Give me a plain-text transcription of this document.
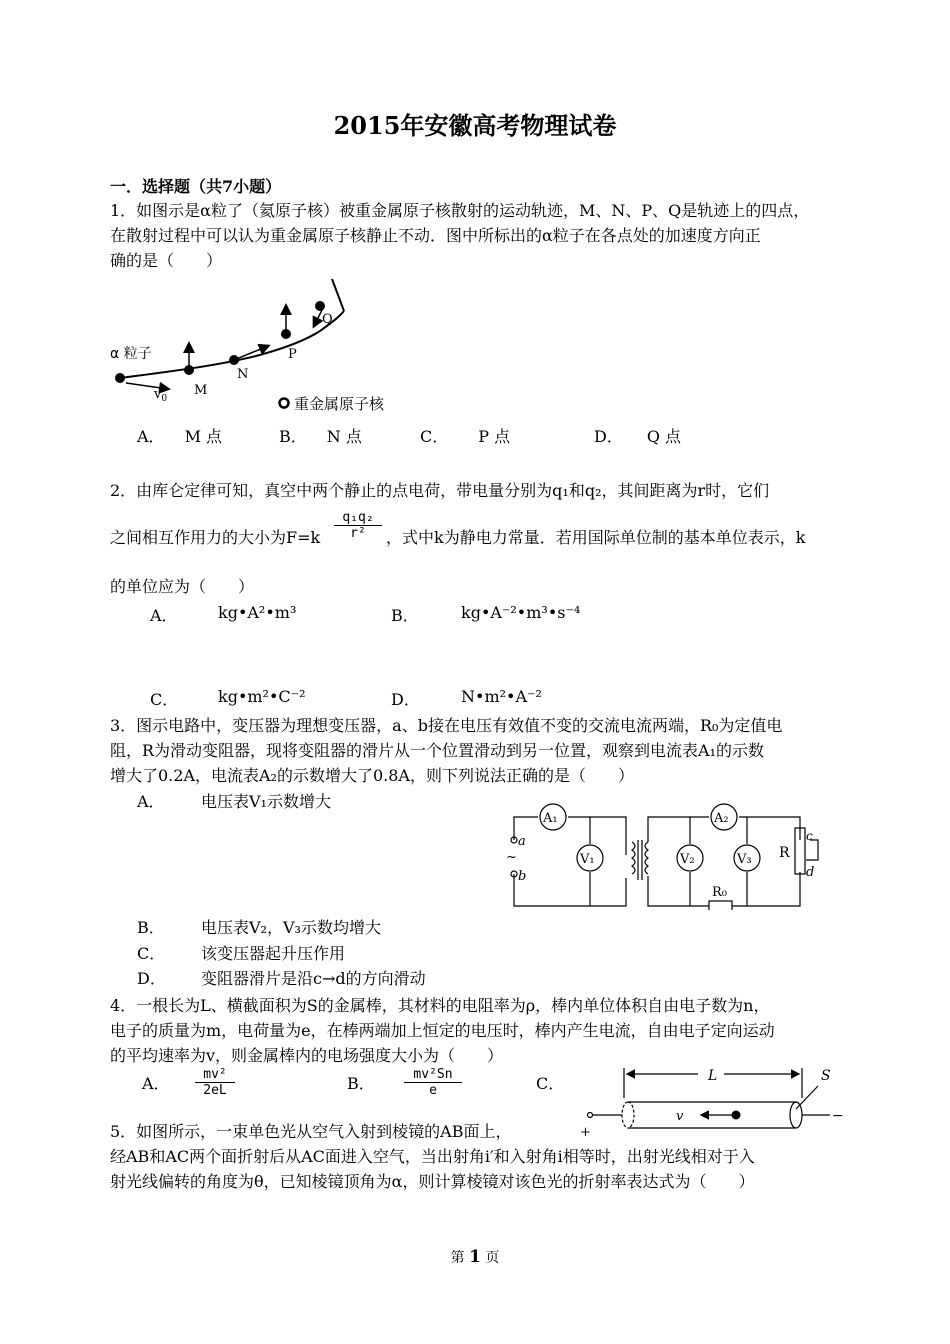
2015年安徽高考物理试卷
一．选择题（共7小题）
1．如图示是α粒了（氦原子核）被重金属原子核散射的运动轨迹，M、N、P、Q是轨迹上的四点，
在散射过程中可以认为重金属原子核静止不动．图中所标出的α粒子在各点处的加速度方向正
确的是（　　）
α 粒子
$v_0$
M
N
P
Q
重金属原子核
A． M 点	B． N 点	C． P 点	D． Q 点
2．由库仑定律可知，真空中两个静止的点电荷，带电量分别为q₁和q₂，其间距离为r时，它们
之间相互作用力的大小为$F=k \frac{\text{q₁q₂}}{\text{r²}}$ ，式中k为静电力常量．若用国际单位制的基本单位表示，k
的单位应为（　　）
A．	kg•A²•m³	B．	kg•A⁻²•m³•s⁻⁴
C． kg•m²•C⁻²	D．	N•m²•A⁻²
3．图示电路中，变压器为理想变压器，a、b接在电压有效值不变的交流电流两端，R₀为定值电
阻，R为滑动变阻器，现将变阻器的滑片从一个位置滑动到另一位置，观察到电流表A₁的示数
增大了0.2A，电流表A₂的示数增大了0.8A，则下列说法正确的是（　　）
A． 电压表V₁示数增大
A₁	A₂
V₁	V₂	V₃ R
R₀
a
b
~
c
d
B． 电压表V₂，V₃示数均增大
C． 该变压器起升压作用
D． 变阻器滑片是沿c→d的方向滑动
4．一根长为L、横截面积为S的金属棒，其材料的电阻率为ρ，棒内单位体积自由电子数为n，
电子的质量为m，电荷量为e，在棒两端加上恒定的电压时，棒内产生电流，自由电子定向运动
的平均速率为v，则金属棒内的电场强度大小为（　　）
A． $\frac{\text{mv²}}{2eL}$	B． $\frac{\text{mv²Sn}}{e}$	C．	L	S
v
+
−
5．如图所示，一束单色光从空气入射到棱镜的AB面上，
经AB和AC两个面折射后从AC面进入空气，当出射角i′和入射角i相等时，出射光线相对于入
射光线偏转的角度为θ，已知棱镜顶角为α，则计算棱镜对该色光的折射率表达式为（　　）
第 1 页
